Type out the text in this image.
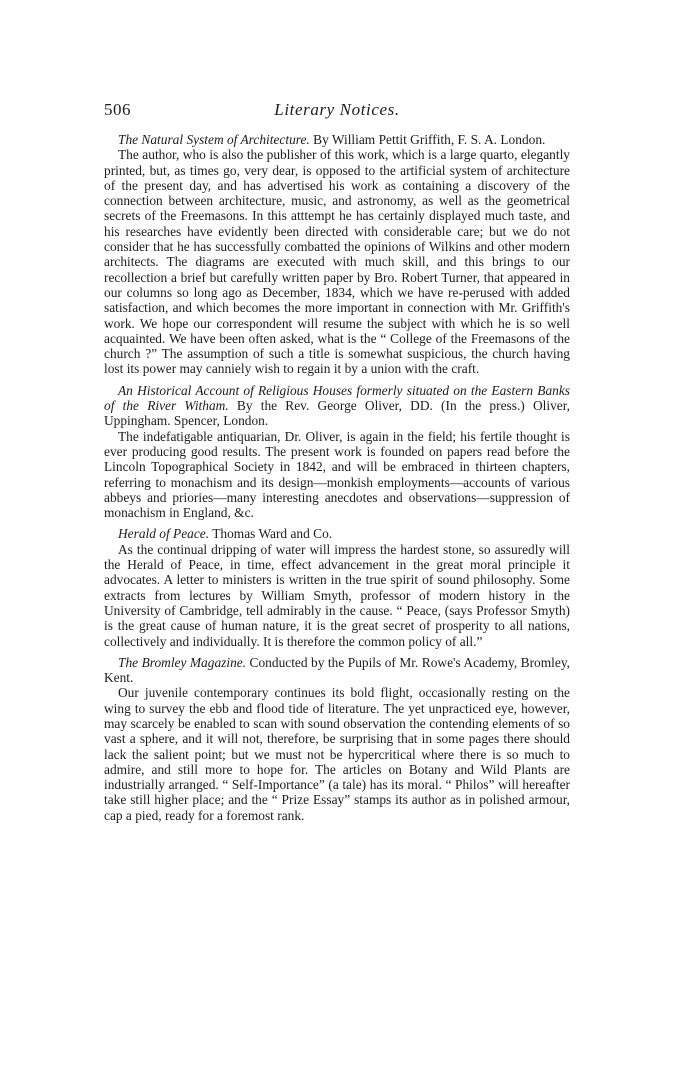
506	Literary Notices.
The Natural System of Architecture. By William Pettit Griffith, F. S. A. London.

The author, who is also the publisher of this work, which is a large quarto, elegantly printed, but, as times go, very dear, is opposed to the artificial system of architecture of the present day, and has advertised his work as containing a discovery of the connection between architecture, music, and astronomy, as well as the geometrical secrets of the Freemasons. In this atttempt he has certainly displayed much taste, and his researches have evidently been directed with considerable care; but we do not consider that he has successfully combatted the opinions of Wilkins and other modern architects. The diagrams are executed with much skill, and this brings to our recollection a brief but carefully written paper by Bro. Robert Turner, that appeared in our columns so long ago as December, 1834, which we have re-perused with added satisfaction, and which becomes the more important in connection with Mr. Griffith's work. We hope our correspondent will resume the subject with which he is so well acquainted. We have been often asked, what is the “ College of the Freemasons of the church ?” The assumption of such a title is somewhat suspicious, the church having lost its power may canniely wish to regain it by a union with the craft.

An Historical Account of Religious Houses formerly situated on the Eastern Banks of the River Witham. By the Rev. George Oliver, DD. (In the press.) Oliver, Uppingham. Spencer, London.

The indefatigable antiquarian, Dr. Oliver, is again in the field; his fertile thought is ever producing good results. The present work is founded on papers read before the Lincoln Topographical Society in 1842, and will be embraced in thirteen chapters, referring to monachism and its design—monkish employments—accounts of various abbeys and priories—many interesting anecdotes and observations—suppression of monachism in England, &c.

Herald of Peace. Thomas Ward and Co.

As the continual dripping of water will impress the hardest stone, so assuredly will the Herald of Peace, in time, effect advancement in the great moral principle it advocates. A letter to ministers is written in the true spirit of sound philosophy. Some extracts from lectures by William Smyth, professor of modern history in the University of Cambridge, tell admirably in the cause. “ Peace, (says Professor Smyth) is the great cause of human nature, it is the great secret of prosperity to all nations, collectively and individually. It is therefore the common policy of all.”

The Bromley Magazine. Conducted by the Pupils of Mr. Rowe's Academy, Bromley, Kent.

Our juvenile contemporary continues its bold flight, occasionally resting on the wing to survey the ebb and flood tide of literature. The yet unpracticed eye, however, may scarcely be enabled to scan with sound observation the contending elements of so vast a sphere, and it will not, therefore, be surprising that in some pages there should lack the salient point; but we must not be hypercritical where there is so much to admire, and still more to hope for. The articles on Botany and Wild Plants are industrially arranged. “ Self-Importance” (a tale) has its moral. “ Philos” will hereafter take still higher place; and the “ Prize Essay” stamps its author as in polished armour, cap a pied, ready for a foremost rank.
